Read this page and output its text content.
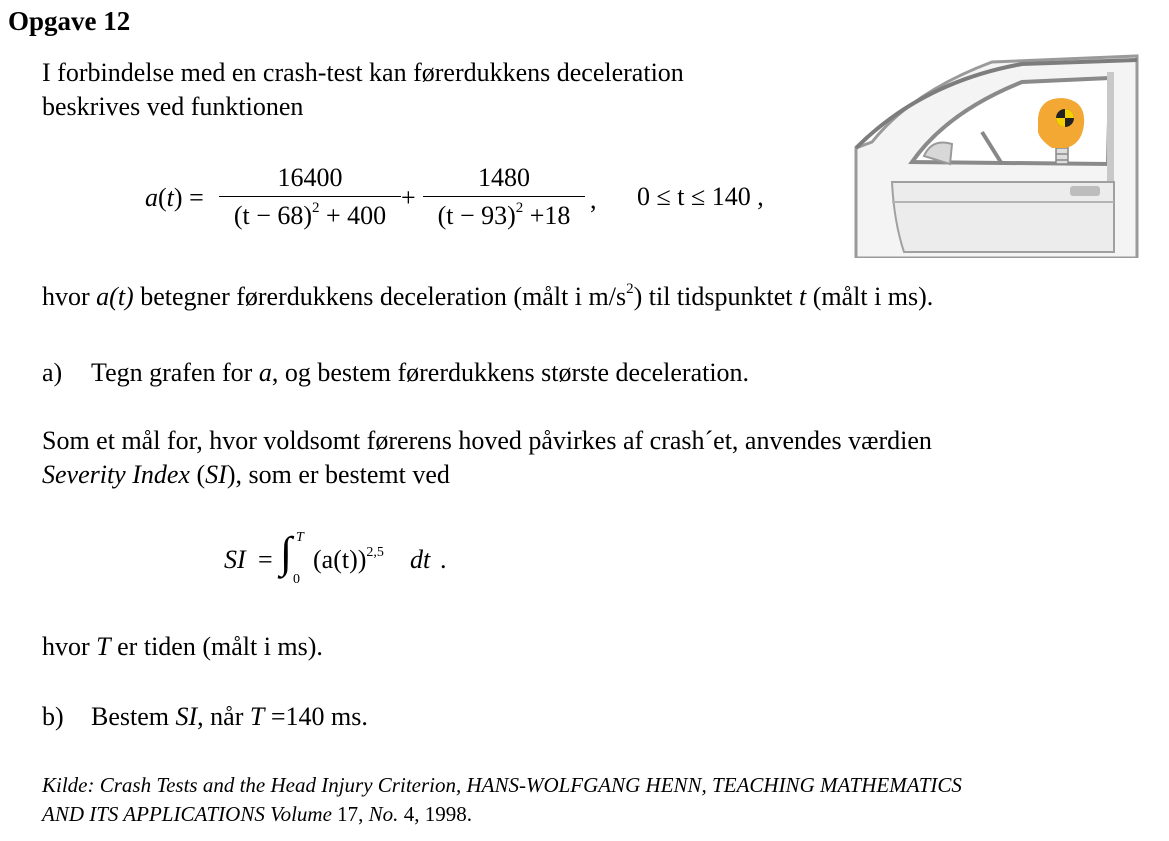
Opgave 12
I forbindelse med en crash-test kan førerdukkens deceleration
beskrives ved funktionen
a(t) =
16400
$(t - 68)^2 + 400$
+
1480
$(t - 93)^2 +18$
, 0 ≤ t ≤ 140 ,
hvor a(t) betegner førerdukkens deceleration (målt i $m/s^2$) til tidspunktet t (målt i ms).
a) Tegn grafen for a, og bestem førerdukkens største deceleration.
Som et mål for, hvor voldsomt førerens hoved påvirkes af crash´et, anvendes værdien
Severity Index (SI), som er bestemt ved
SI = ∫ T
0
$(a(t))^{2,5}$ dt .
hvor T er tiden (målt i ms).
b) Bestem SI, når T =140 ms.
Kilde: Crash Tests and the Head Injury Criterion, HANS-WOLFGANG HENN, TEACHING MATHEMATICS
AND ITS APPLICATIONS Volume 17, No. 4, 1998.
